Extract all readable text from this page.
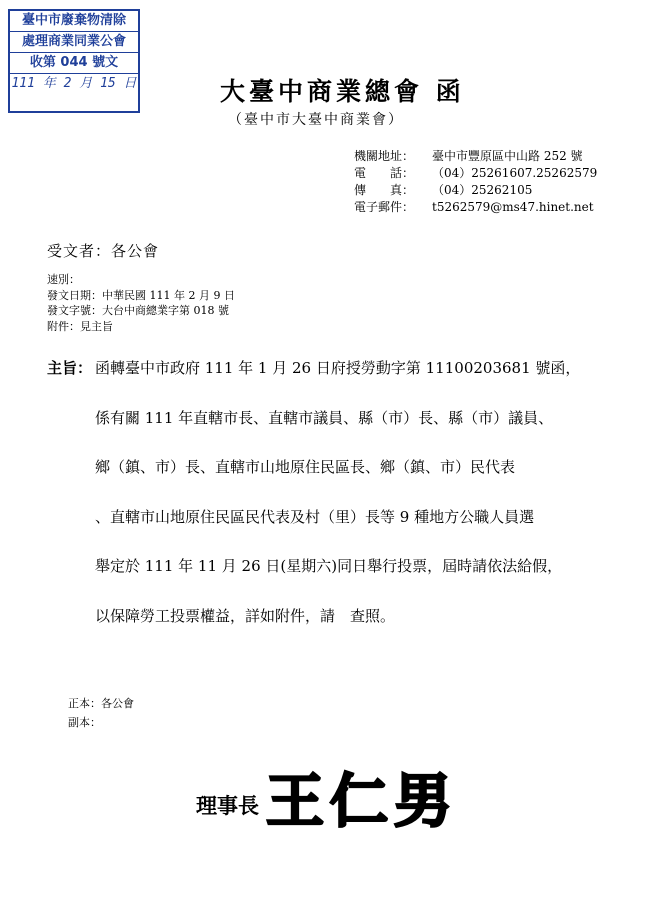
臺中市廢棄物清除
處理商業同業公會
收第 044 號文
111 年 2 月 15 日	大臺中商業總會 函
（臺中市大臺中商業會）
機關地址：	臺中市豐原區中山路 252 號
電　　話：	（04）25261607.25262579
傳　　真：	（04）25262105
電子郵件：	t5262579@ms47.hinet.net
受文者：各公會
速別：
發文日期：中華民國 111 年 2 月 9 日
發文字號：大台中商總業字第 018 號
附件：見主旨
主旨： 函轉臺中市政府 111 年 1 月 26 日府授勞動字第 11100203681 號函，
係有關 111 年直轄市長、直轄市議員、縣（市）長、縣（市）議員、
鄉（鎮、市）長、直轄市山地原住民區長、鄉（鎮、市）民代表
、直轄市山地原住民區民代表及村（里）長等 9 種地方公職人員選
舉定於 111 年 11 月 26 日(星期六)同日舉行投票，屆時請依法給假，
以保障勞工投票權益，詳如附件，請　查照。
正本：各公會
副本：
理事長 王仁男
